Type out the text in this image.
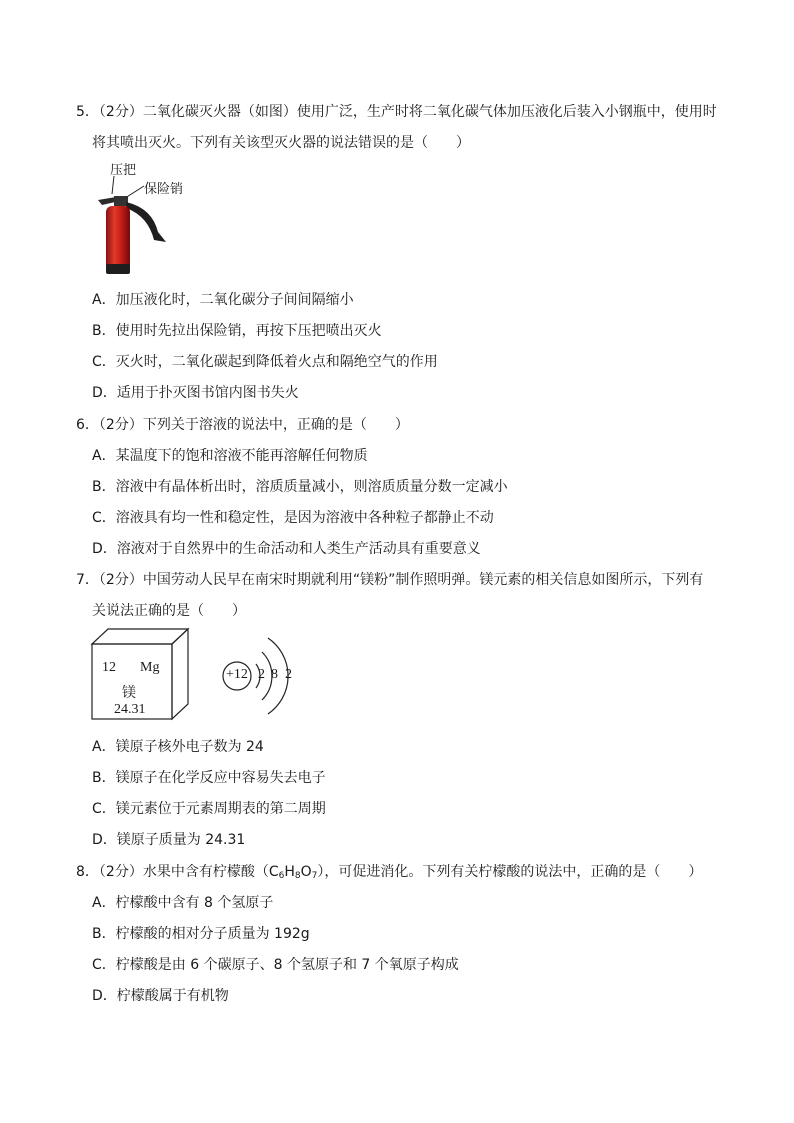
5．（2分）二氧化碳灭火器（如图）使用广泛，生产时将二氧化碳气体加压液化后装入小钢瓶中，使用时
将其喷出灭火。下列有关该型灭火器的说法错误的是（　　）
压把
保险销
A．加压液化时，二氧化碳分子间间隔缩小
B．使用时先拉出保险销，再按下压把喷出灭火
C．灭火时，二氧化碳起到降低着火点和隔绝空气的作用
D．适用于扑灭图书馆内图书失火
6．（2分）下列关于溶液的说法中，正确的是（　　）
A．某温度下的饱和溶液不能再溶解任何物质
B．溶液中有晶体析出时，溶质质量减小，则溶质质量分数一定减小
C．溶液具有均一性和稳定性，是因为溶液中各种粒子都静止不动
D．溶液对于自然界中的生命活动和人类生产活动具有重要意义
7．（2分）中国劳动人民早在南宋时期就利用“镁粉”制作照明弹。镁元素的相关信息如图所示，下列有
关说法正确的是（　　）
12 Mg
镁
24.31
+12 2 8 2
A．镁原子核外电子数为 24
B．镁原子在化学反应中容易失去电子
C．镁元素位于元素周期表的第二周期
D．镁原子质量为 24.31
8．（2分）水果中含有柠檬酸$(C_6H_8O_7)$，可促进消化。下列有关柠檬酸的说法中，正确的是（　　）
A．柠檬酸中含有 8 个氢原子
B．柠檬酸的相对分子质量为 192g
C．柠檬酸是由 6 个碳原子、8 个氢原子和 7 个氧原子构成
D．柠檬酸属于有机物
